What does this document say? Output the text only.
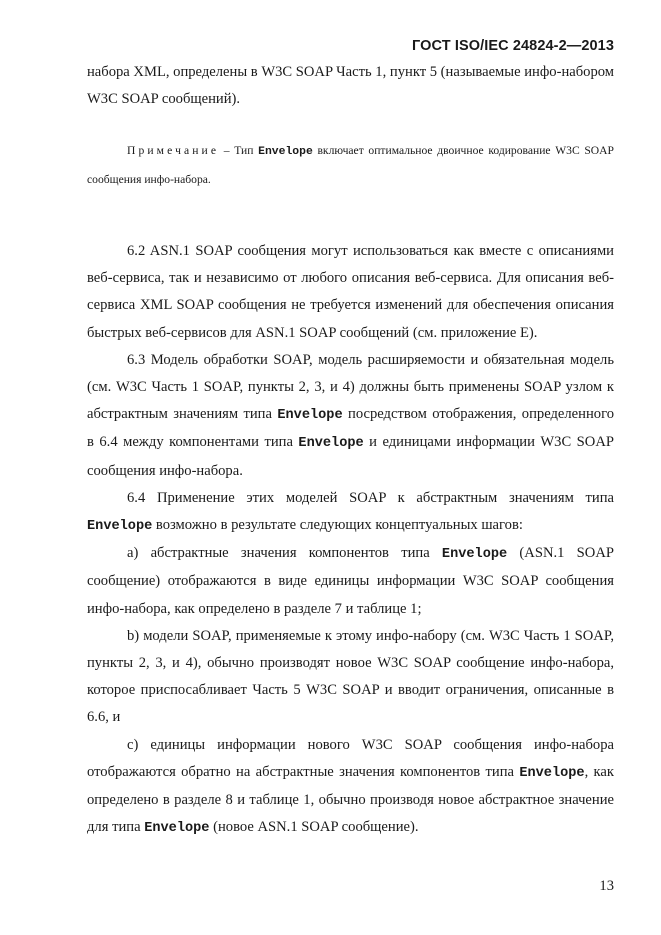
ГОСТ ISO/IEC 24824-2—2013

набора XML, определены в W3C SOAP Часть 1, пункт 5 (называемые инфо-набором W3C SOAP сообщений).

Примечание – Тип Envelope включает оптимальное двоичное кодирование W3C SOAP сообщения инфо-набора.

6.2 ASN.1 SOAP сообщения могут использоваться как вместе с описаниями веб-сервиса, так и независимо от любого описания веб-сервиса. Для описания веб-сервиса XML SOAP сообщения не требуется изменений для обеспечения описания быстрых веб-сервисов для ASN.1 SOAP сообщений (см. приложение E).

6.3 Модель обработки SOAP, модель расширяемости и обязательная модель (см. W3C Часть 1 SOAP, пункты 2, 3, и 4) должны быть применены SOAP узлом к абстрактным значениям типа Envelope посредством отображения, определенного в 6.4 между компонентами типа Envelope и единицами информации W3C SOAP сообщения инфо-набора.

6.4 Применение этих моделей SOAP к абстрактным значениям типа Envelope возможно в результате следующих концептуальных шагов:

a) абстрактные значения компонентов типа Envelope (ASN.1 SOAP сообщение) отображаются в виде единицы информации W3C SOAP сообщения инфо-набора, как определено в разделе 7 и таблице 1;

b) модели SOAP, применяемые к этому инфо-набору (см. W3C Часть 1 SOAP, пункты 2, 3, и 4), обычно производят новое W3C SOAP сообщение инфо-набора, которое приспосабливает Часть 5 W3C SOAP и вводит ограничения, описанные в 6.6, и

c) единицы информации нового W3C SOAP сообщения инфо-набора отображаются обратно на абстрактные значения компонентов типа Envelope, как определено в разделе 8 и таблице 1, обычно производя новое абстрактное значение для типа Envelope (новое ASN.1 SOAP сообщение).

13
